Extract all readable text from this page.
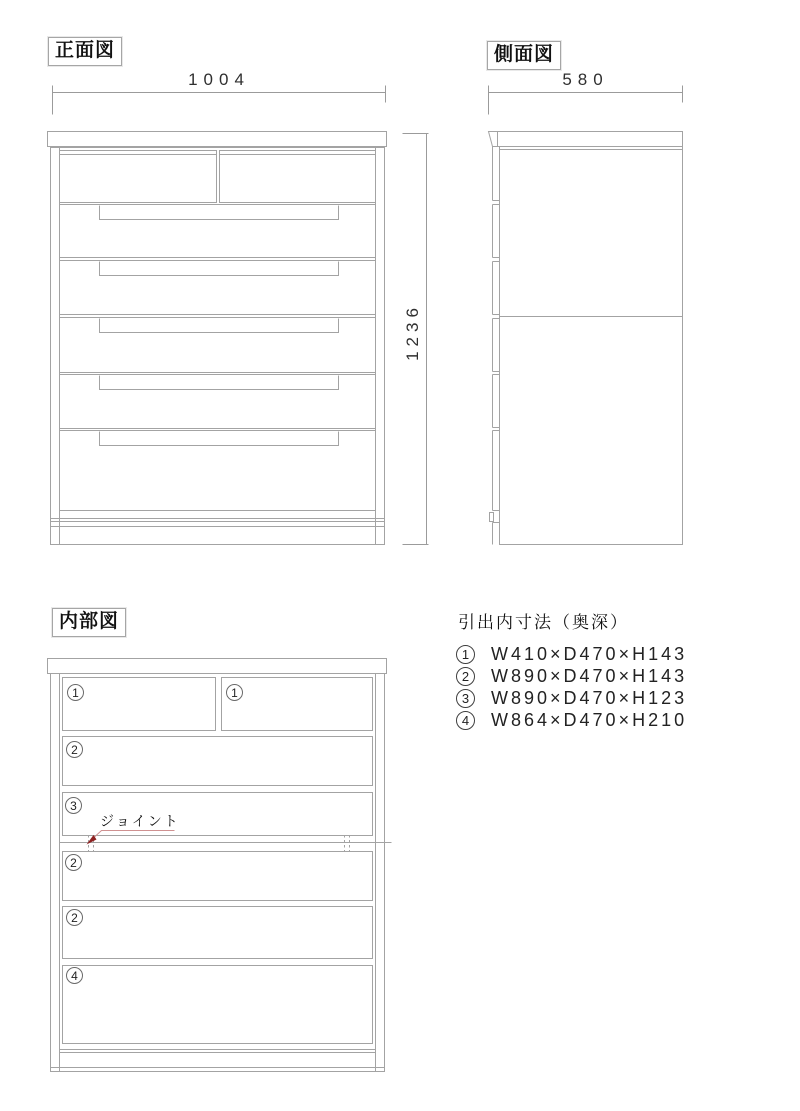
正面図
1004
1236
側面図
580
内部図
1	1
2
3
2
2
4
ジョイント
引出内寸法（奥深）
1	W410×D470×H143
2	W890×D470×H143
3	W890×D470×H123
4	W864×D470×H210
